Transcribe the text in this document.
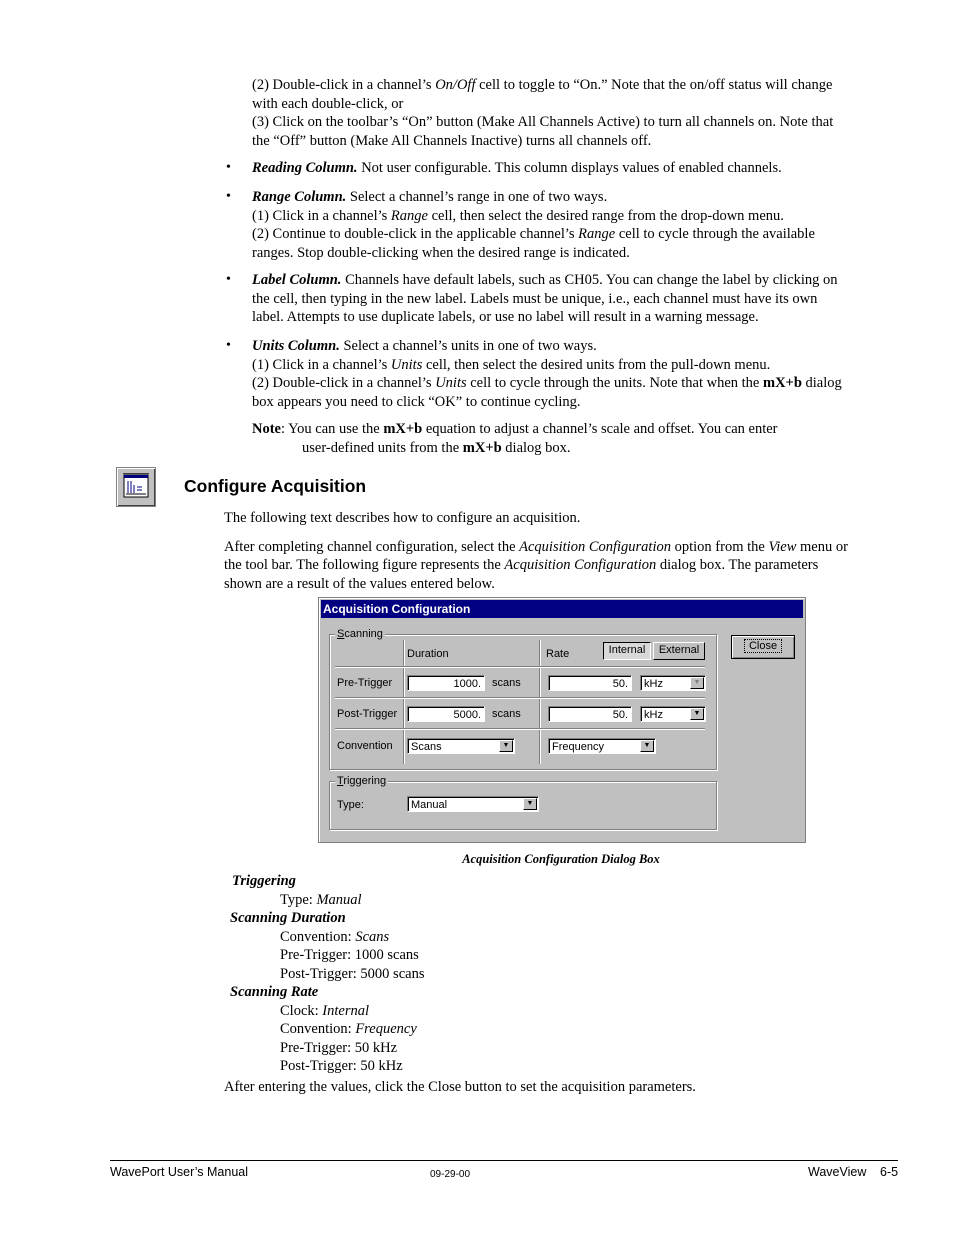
(2) Double-click in a channel’s On/Off cell to toggle to “On.” Note that the on/off status will change

with each double-click, or

(3) Click on the toolbar’s “On” button (Make All Channels Active) to turn all channels on. Note that

the “Off” button (Make All Channels Inactive) turns all channels off.

• Reading Column. Not user configurable. This column displays values of enabled channels.

• Range Column. Select a channel’s range in one of two ways.

(1) Click in a channel’s Range cell, then select the desired range from the drop-down menu.

(2) Continue to double-click in the applicable channel’s Range cell to cycle through the available

ranges. Stop double-clicking when the desired range is indicated.

• Label Column. Channels have default labels, such as CH05. You can change the label by clicking on

the cell, then typing in the new label. Labels must be unique, i.e., each channel must have its own

label. Attempts to use duplicate labels, or use no label will result in a warning message.

• Units Column. Select a channel’s units in one of two ways.

(1) Click in a channel’s Units cell, then select the desired units from the pull-down menu.

(2) Double-click in a channel’s Units cell to cycle through the units. Note that when the mX+b dialog

box appears you need to click “OK” to continue cycling.

Note: You can use the mX+b equation to adjust a channel’s scale and offset. You can enter

user-defined units from the mX+b dialog box.

Configure Acquisition

The following text describes how to configure an acquisition.

After completing channel configuration, select the Acquisition Configuration option from the View menu or

the tool bar. The following figure represents the Acquisition Configuration dialog box. The parameters

shown are a result of the values entered below.

Acquisition Configuration
Scanning
Duration	Rate	Internal	External
Pre-Trigger	1000.	scans	50.	kHz	▼
Post-Trigger	5000.	scans	50.	kHz	▼
Convention	Scans	▼	Frequency	▼
Triggering
Type:	Manual	▼
Close
Acquisition Configuration Dialog Box

Triggering

Type: Manual

Scanning Duration

Convention: Scans

Pre-Trigger: 1000 scans

Post-Trigger: 5000 scans

Scanning Rate

Clock: Internal

Convention: Frequency

Pre-Trigger: 50 kHz

Post-Trigger: 50 kHz

After entering the values, click the Close button to set the acquisition parameters.
WavePort User’s Manual	09-29-00	WaveView 6-5
